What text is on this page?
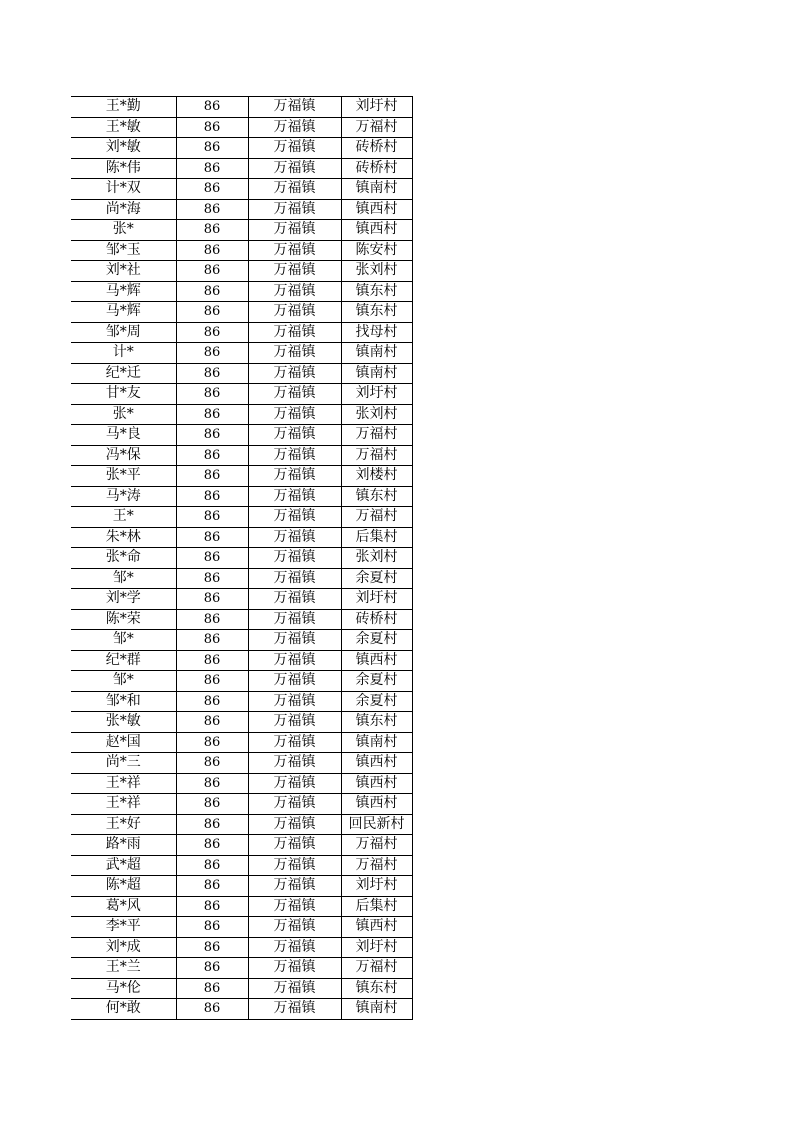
王*勤	86	万福镇	刘圩村
王*敏	86	万福镇	万福村
刘*敏	86	万福镇	砖桥村
陈*伟	86	万福镇	砖桥村
计*双	86	万福镇	镇南村
尚*海	86	万福镇	镇西村
张*	86	万福镇	镇西村
邹*玉	86	万福镇	陈安村
刘*社	86	万福镇	张刘村
马*辉	86	万福镇	镇东村
马*辉	86	万福镇	镇东村
邹*周	86	万福镇	找母村
计*	86	万福镇	镇南村
纪*迁	86	万福镇	镇南村
甘*友	86	万福镇	刘圩村
张*	86	万福镇	张刘村
马*良	86	万福镇	万福村
冯*保	86	万福镇	万福村
张*平	86	万福镇	刘楼村
马*涛	86	万福镇	镇东村
王*	86	万福镇	万福村
朱*林	86	万福镇	后集村
张*命	86	万福镇	张刘村
邹*	86	万福镇	余夏村
刘*学	86	万福镇	刘圩村
陈*荣	86	万福镇	砖桥村
邹*	86	万福镇	余夏村
纪*群	86	万福镇	镇西村
邹*	86	万福镇	余夏村
邹*和	86	万福镇	余夏村
张*敏	86	万福镇	镇东村
赵*国	86	万福镇	镇南村
尚*三	86	万福镇	镇西村
王*祥	86	万福镇	镇西村
王*祥	86	万福镇	镇西村
王*好	86	万福镇	回民新村
路*雨	86	万福镇	万福村
武*超	86	万福镇	万福村
陈*超	86	万福镇	刘圩村
葛*风	86	万福镇	后集村
李*平	86	万福镇	镇西村
刘*成	86	万福镇	刘圩村
王*兰	86	万福镇	万福村
马*伦	86	万福镇	镇东村
何*敢	86	万福镇	镇南村
